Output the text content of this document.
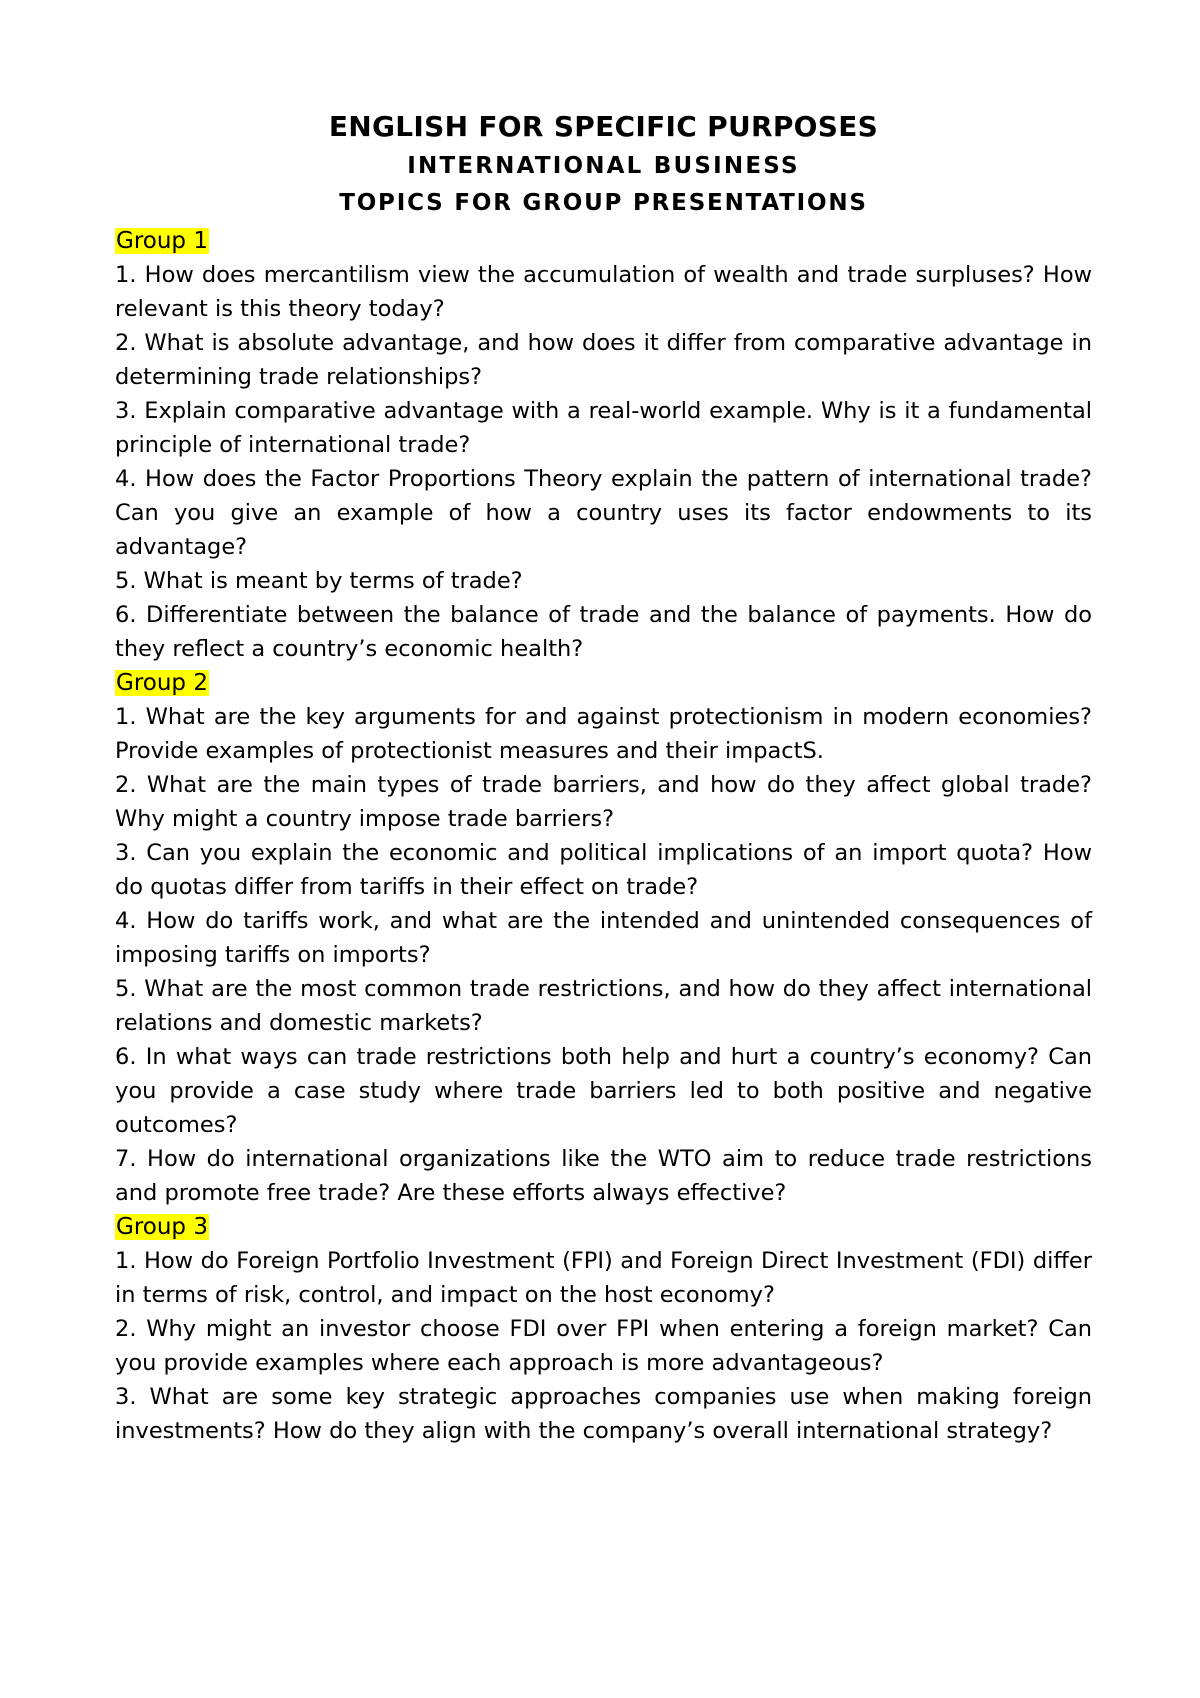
ENGLISH FOR SPECIFIC PURPOSES

INTERNATIONAL BUSINESS

TOPICS FOR GROUP PRESENTATIONS

Group 1

1. How does mercantilism view the accumulation of wealth and trade surpluses? How relevant is this theory today?

2. What is absolute advantage, and how does it differ from comparative advantage in determining trade relationships?

3. Explain comparative advantage with a real-world example. Why is it a fundamental principle of international trade?

4. How does the Factor Proportions Theory explain the pattern of international trade? Can you give an example of how a country uses its factor endowments to its advantage?

5. What is meant by terms of trade?

6. Differentiate between the balance of trade and the balance of payments. How do they reflect a country’s economic health?

Group 2

1. What are the key arguments for and against protectionism in modern economies? Provide examples of protectionist measures and their impactS.

2. What are the main types of trade barriers, and how do they affect global trade? Why might a country impose trade barriers?

3. Can you explain the economic and political implications of an import quota? How do quotas differ from tariffs in their effect on trade?

4. How do tariffs work, and what are the intended and unintended consequences of imposing tariffs on imports?

5. What are the most common trade restrictions, and how do they affect international relations and domestic markets?

6. In what ways can trade restrictions both help and hurt a country’s economy? Can you provide a case study where trade barriers led to both positive and negative outcomes?

7. How do international organizations like the WTO aim to reduce trade restrictions and promote free trade? Are these efforts always effective?

Group 3

1. How do Foreign Portfolio Investment (FPI) and Foreign Direct Investment (FDI) differ in terms of risk, control, and impact on the host economy?

2. Why might an investor choose FDI over FPI when entering a foreign market? Can you provide examples where each approach is more advantageous?

3. What are some key strategic approaches companies use when making foreign investments? How do they align with the company’s overall international strategy?
